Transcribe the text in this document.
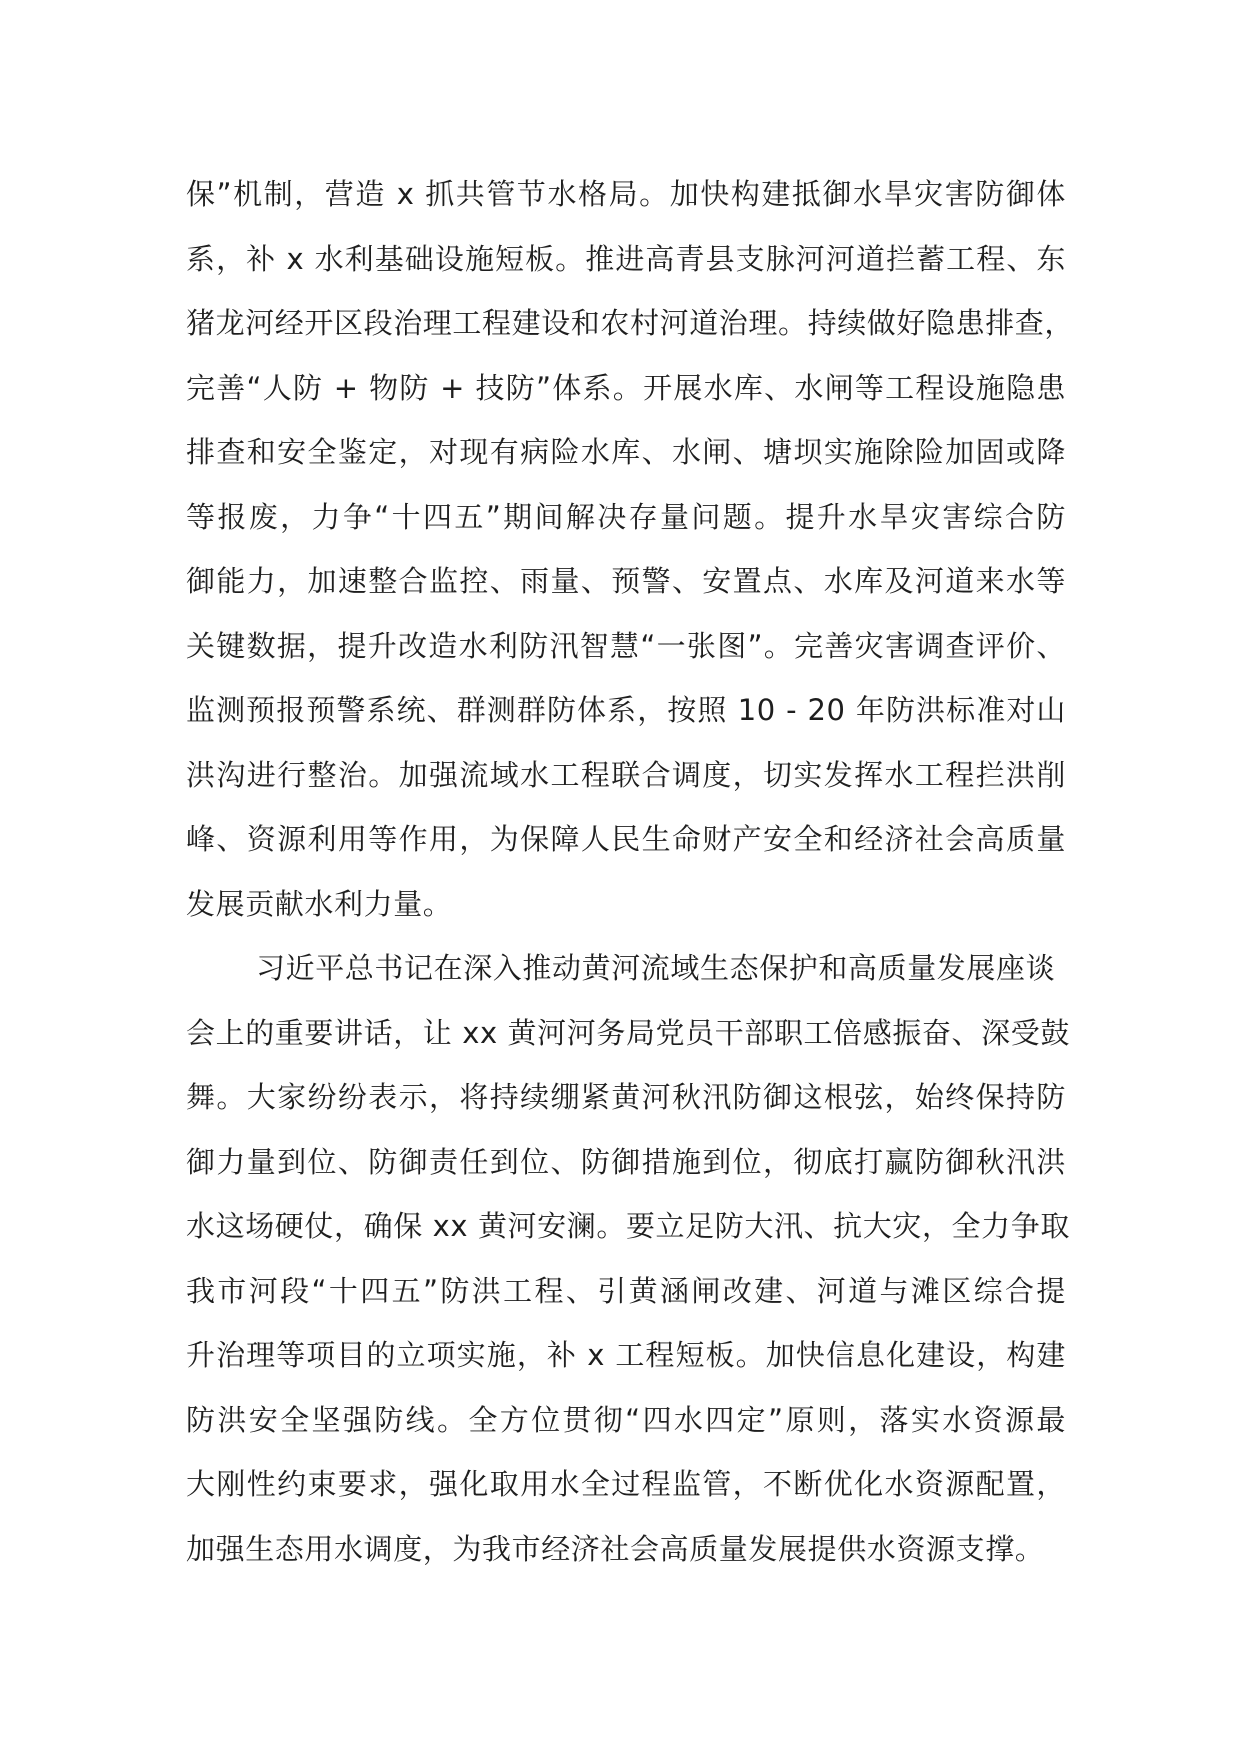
保”机制，营造 x 抓共管节水格局。加快构建抵御水旱灾害防御体
系，补 x 水利基础设施短板。推进高青县支脉河河道拦蓄工程、东
猪龙河经开区段治理工程建设和农村河道治理。持续做好隐患排查，
完善“人防 + 物防 + 技防”体系。开展水库、水闸等工程设施隐患
排查和安全鉴定，对现有病险水库、水闸、塘坝实施除险加固或降
等报废，力争“十四五”期间解决存量问题。提升水旱灾害综合防
御能力，加速整合监控、雨量、预警、安置点、水库及河道来水等
关键数据，提升改造水利防汛智慧“一张图”。完善灾害调查评价、
监测预报预警系统、群测群防体系，按照 10 - 20 年防洪标准对山
洪沟进行整治。加强流域水工程联合调度，切实发挥水工程拦洪削
峰、资源利用等作用，为保障人民生命财产安全和经济社会高质量
发展贡献水利力量。
习近平总书记在深入推动黄河流域生态保护和高质量发展座谈
会上的重要讲话，让 xx 黄河河务局党员干部职工倍感振奋、深受鼓
舞。大家纷纷表示，将持续绷紧黄河秋汛防御这根弦，始终保持防
御力量到位、防御责任到位、防御措施到位，彻底打赢防御秋汛洪
水这场硬仗，确保 xx 黄河安澜。要立足防大汛、抗大灾，全力争取
我市河段“十四五”防洪工程、引黄涵闸改建、河道与滩区综合提
升治理等项目的立项实施，补 x 工程短板。加快信息化建设，构建
防洪安全坚强防线。全方位贯彻“四水四定”原则，落实水资源最
大刚性约束要求，强化取用水全过程监管，不断优化水资源配置，
加强生态用水调度，为我市经济社会高质量发展提供水资源支撑。
